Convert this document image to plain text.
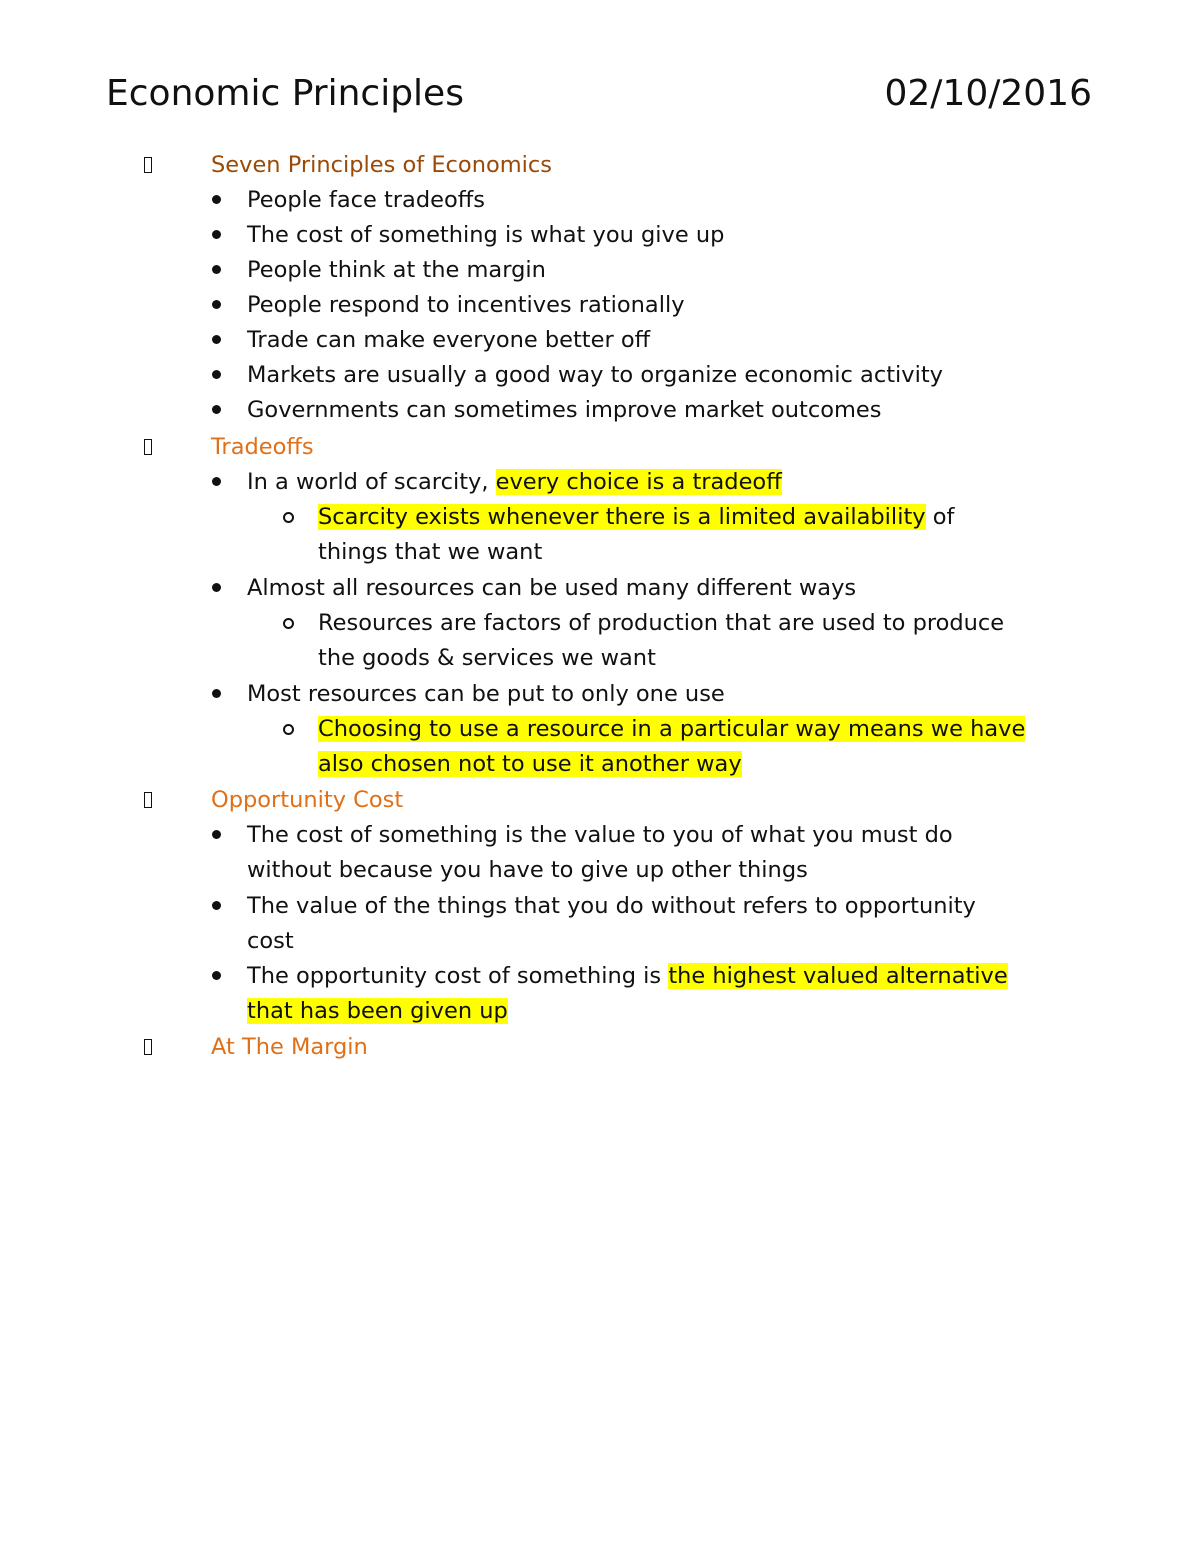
Economic Principles	02/10/2016
Seven Principles of Economics
People face tradeoffs
The cost of something is what you give up
People think at the margin
People respond to incentives rationally
Trade can make everyone better off
Markets are usually a good way to organize economic activity
Governments can sometimes improve market outcomes
Tradeoffs
In a world of scarcity, every choice is a tradeoff
Scarcity exists whenever there is a limited availability of
things that we want
Almost all resources can be used many different ways
Resources are factors of production that are used to produce
the goods & services we want
Most resources can be put to only one use
Choosing to use a resource in a particular way means we have
also chosen not to use it another way
Opportunity Cost
The cost of something is the value to you of what you must do
without because you have to give up other things
The value of the things that you do without refers to opportunity
cost
The opportunity cost of something is the highest valued alternative
that has been given up
At The Margin
